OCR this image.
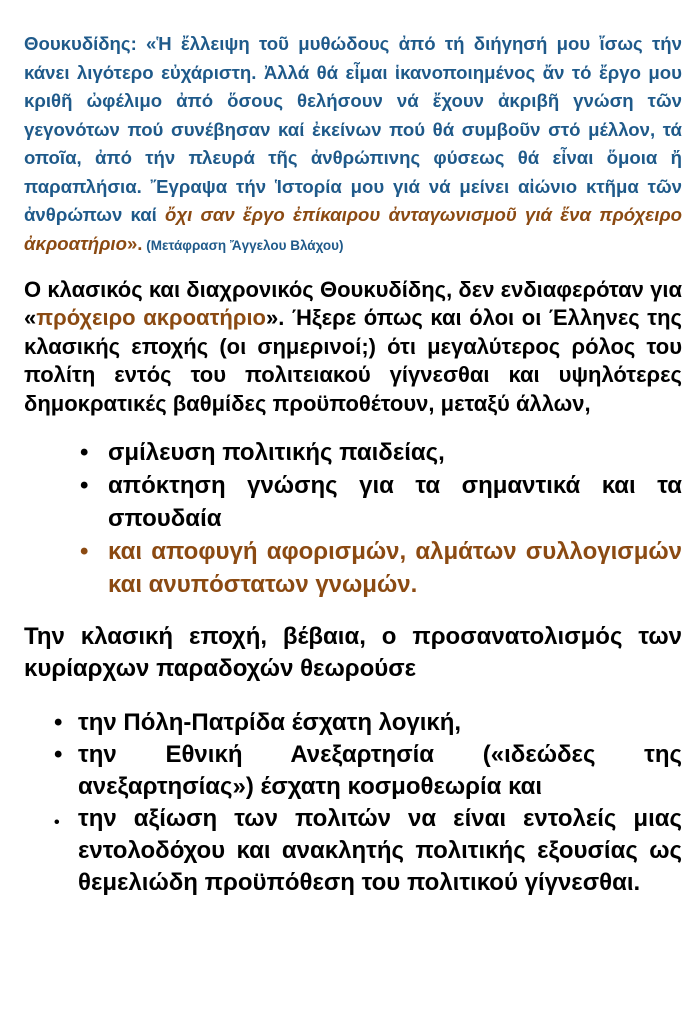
Θουκυδίδης: «Ἡ ἔλλειψη τοῦ μυθώδους ἀπό τή διήγησή μου ἴσως τήν κάνει λιγότερο εὐχάριστη. Ἀλλά θά εἶμαι ἱκανοποιημένος ἄν τό ἔργο μου κριθῆ ὠφέλιμο ἀπό ὅσους θελήσουν νά ἔχουν ἀκριβῆ γνώση τῶν γεγονότων πού συνέβησαν καί ἐκείνων πού θά συμβοῦν στό μέλλον, τά οποῖα, ἀπό τήν πλευρά τῆς ἀνθρώπινης φύσεως θά εἶναι ὅμοια ἤ παραπλήσια. Ἔγραψα τήν Ἱστορία μου γιά νά μείνει αἰώνιο κτῆμα τῶν ἀνθρώπων καί ὄχι σαν ἔργο ἐπίκαιρου ἀνταγωνισμοῦ γιά ἕνα πρόχειρο ἀκροατήριο». (Μετάφραση Ἄγγελου Βλάχου)

Ο κλασικός και διαχρονικός Θουκυδίδης, δεν ενδιαφερόταν για «πρόχειρο ακροατήριο». Ήξερε όπως και όλοι οι Έλληνες της κλασικής εποχής (οι σημερινοί;) ότι μεγαλύτερος ρόλος του πολίτη εντός του πολιτειακού γίγνεσθαι και υψηλότερες δημοκρατικές βαθμίδες προϋποθέτουν, μεταξύ άλλων,

• σμίλευση πολιτικής παιδείας,
• απόκτηση γνώσης για τα σημαντικά και τα σπουδαία
• και αποφυγή αφορισμών, αλμάτων συλλογισμών και ανυπόστατων γνωμών.

Την κλασική εποχή, βέβαια, ο προσανατολισμός των κυρίαρχων παραδοχών θεωρούσε

• την Πόλη-Πατρίδα έσχατη λογική,
• την Εθνική Ανεξαρτησία («ιδεώδες της ανεξαρτησίας») έσχατη κοσμοθεωρία και
• την αξίωση των πολιτών να είναι εντολείς μιας εντολοδόχου και ανακλητής πολιτικής εξουσίας ως θεμελιώδη προϋπόθεση του πολιτικού γίγνεσθαι.
